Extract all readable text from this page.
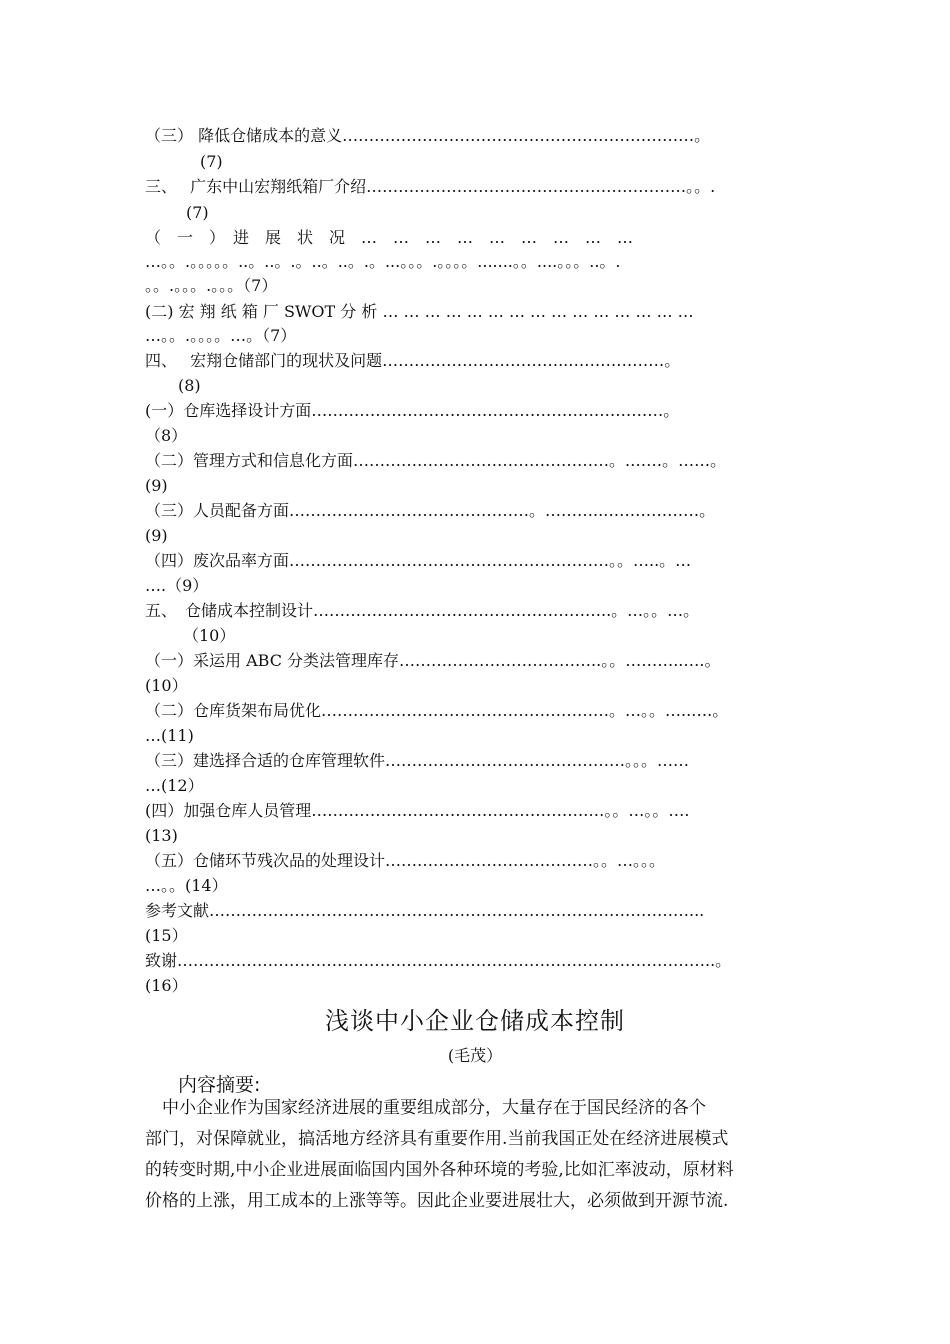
（三） 降低仓储成本的意义…………………………………………………………。
(7)
三、　 广东中山宏翔纸箱厂介绍……………………………………………………。。.
(7)
（　一　）　进　展　状　况　…　…　…　…　…　…　…　…　…
…。。.。。。。。..。..。.。..。..。.。...。。。.。。。。.......。。....。。。..。.
。。.。。。.。。。（7）
(二) 宏 翔 纸 箱 厂 SWOT 分 析 … … … … … … … … … … … … … … …
…。。.。。。。…。（7）
四、　 宏翔仓储部门的现状及问题……………………………..………………。
(8)
(一）仓库选择设计方面…………………………………………………………。
（8）
（二）管理方式和信息化方面…………………………………………。.……。……。
(9)
（三）人员配备方面………………………………………。………..………………。
(9)
（四）废次品率方面……………………………………………………。。…..。…
….（9）
五、　仓储成本控制设计………………………………………………..。…。。…。
（10）
（一）采运用 ABC 分类法管理库存………………………………..。。………..….。
(10）
（二）仓库货架布局优化………………………………………………。…。。…..….。
…(11)
（三）建选择合适的仓库管理软件………………………………………。。。……
…(12）
(四）加强仓库人员管理…………………………………………….…。。…。。….
(13)
（五）仓储环节残次品的处理设计…………………………………。。…。。。
…。。(14）
参考文献………………………………………………………………………………...
(15）
致谢………………………………………………………………………………………..。
(16）
浅谈中小企业仓储成本控制
(毛茂）
内容摘要:
　中小企业作为国家经济进展的重要组成部分，大量存在于国民经济的各个
部门，对保障就业，搞活地方经济具有重要作用.当前我国正处在经济进展模式
的转变时期,中小企业进展面临国内国外各种环境的考验,比如汇率波动，原材料
价格的上涨，用工成本的上涨等等。因此企业要进展壮大，必须做到开源节流.
